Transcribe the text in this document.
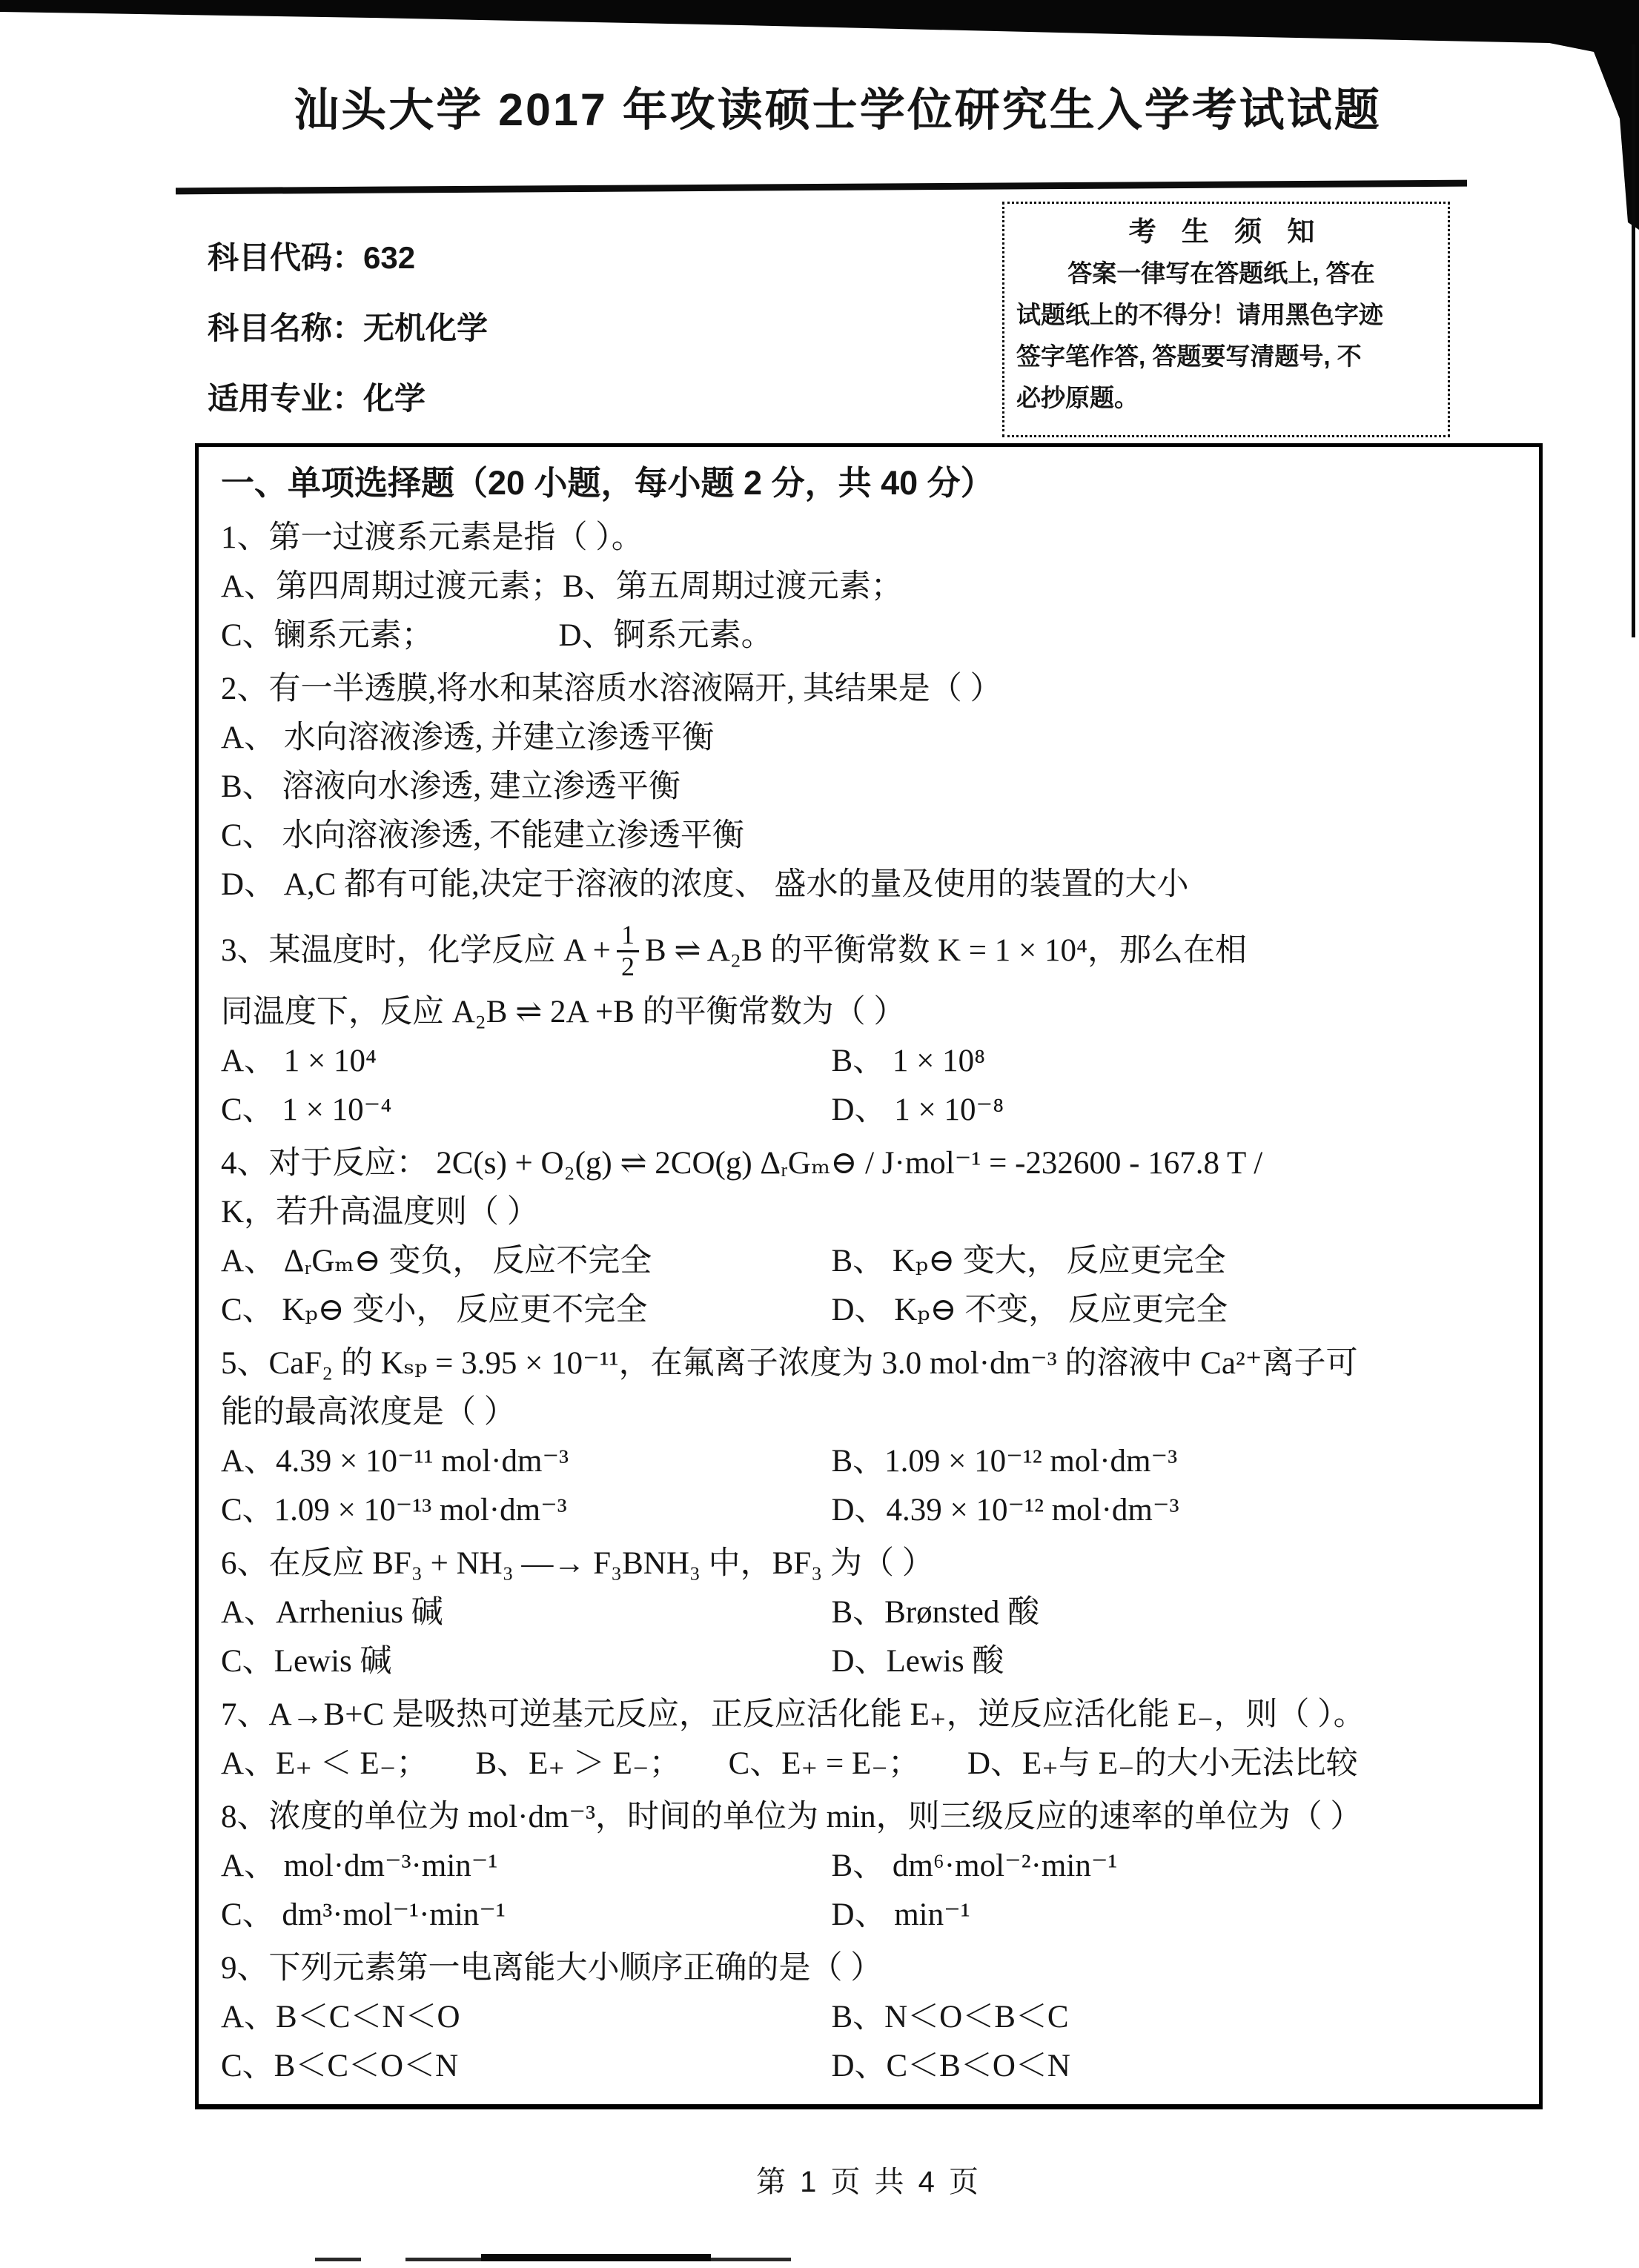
汕头大学 2017 年攻读硕士学位研究生入学考试试题
科目代码：632
科目名称：无机化学
适用专业：化学
考 生 须 知
答案一律写在答题纸上, 答在
试题纸上的不得分！请用黑色字迹
签字笔作答, 答题要写清题号, 不
必抄原题。
一、单项选择题（20 小题，每小题 2 分，共 40 分）
1、第一过渡系元素是指（ ）。
A、第四周期过渡元素； B、第五周期过渡元素；
C、镧系元素；	D、锕系元素。
2、有一半透膜,将水和某溶质水溶液隔开, 其结果是（ ）
A、 水向溶液渗透, 并建立渗透平衡
B、 溶液向水渗透, 建立渗透平衡
C、 水向溶液渗透, 不能建立渗透平衡
D、 A,C 都有可能,决定于溶液的浓度、 盛水的量及使用的装置的大小
3、某温度时，化学反应 $A + \frac{1}{2}$ B ⇌ A₂B 的平衡常数 K = 1 × 10⁴，那么在相
同温度下，反应 A₂B ⇌ 2A +B 的平衡常数为（ ）
A、 1 × 10⁴	B、 1 × 10⁸
C、 1 × 10⁻⁴	D、 1 × 10⁻⁸
4、对于反应： 2C(s) + O₂(g) ⇌ 2CO(g) ΔᵣGₘ⊖ / J·mol⁻¹ = -232600 - 167.8 T /
K，若升高温度则（ ）
A、 ΔᵣGₘ⊖ 变负， 反应不完全	B、 Kₚ⊖ 变大， 反应更完全
C、 Kₚ⊖ 变小， 反应更不完全	D、 Kₚ⊖ 不变， 反应更完全
5、CaF₂ 的 Kₛₚ = 3.95 × 10⁻¹¹，在氟离子浓度为 3.0 mol·dm⁻³ 的溶液中 Ca²⁺离子可
能的最高浓度是（ ）
A、4.39 × 10⁻¹¹ mol·dm⁻³	B、1.09 × 10⁻¹² mol·dm⁻³
C、1.09 × 10⁻¹³ mol·dm⁻³	D、4.39 × 10⁻¹² mol·dm⁻³
6、在反应 BF₃ + NH₃ —→ F₃BNH₃ 中，BF₃ 为（ ）
A、Arrhenius 碱	B、Brønsted 酸
C、Lewis 碱	D、Lewis 酸
7、A→B+C 是吸热可逆基元反应，正反应活化能 E₊，逆反应活化能 E₋，则（ ）。
A、E₊ ＜ E₋； B、E₊ ＞ E₋； C、E₊ = E₋； D、E₊与 E₋的大小无法比较
8、浓度的单位为 mol·dm⁻³，时间的单位为 min，则三级反应的速率的单位为（ ）
A、 mol·dm⁻³·min⁻¹	B、 dm⁶·mol⁻²·min⁻¹
C、 dm³·mol⁻¹·min⁻¹	D、 min⁻¹
9、下列元素第一电离能大小顺序正确的是（ ）
A、B＜C＜N＜O	B、N＜O＜B＜C
C、B＜C＜O＜N	D、C＜B＜O＜N
第 1 页 共 4 页
